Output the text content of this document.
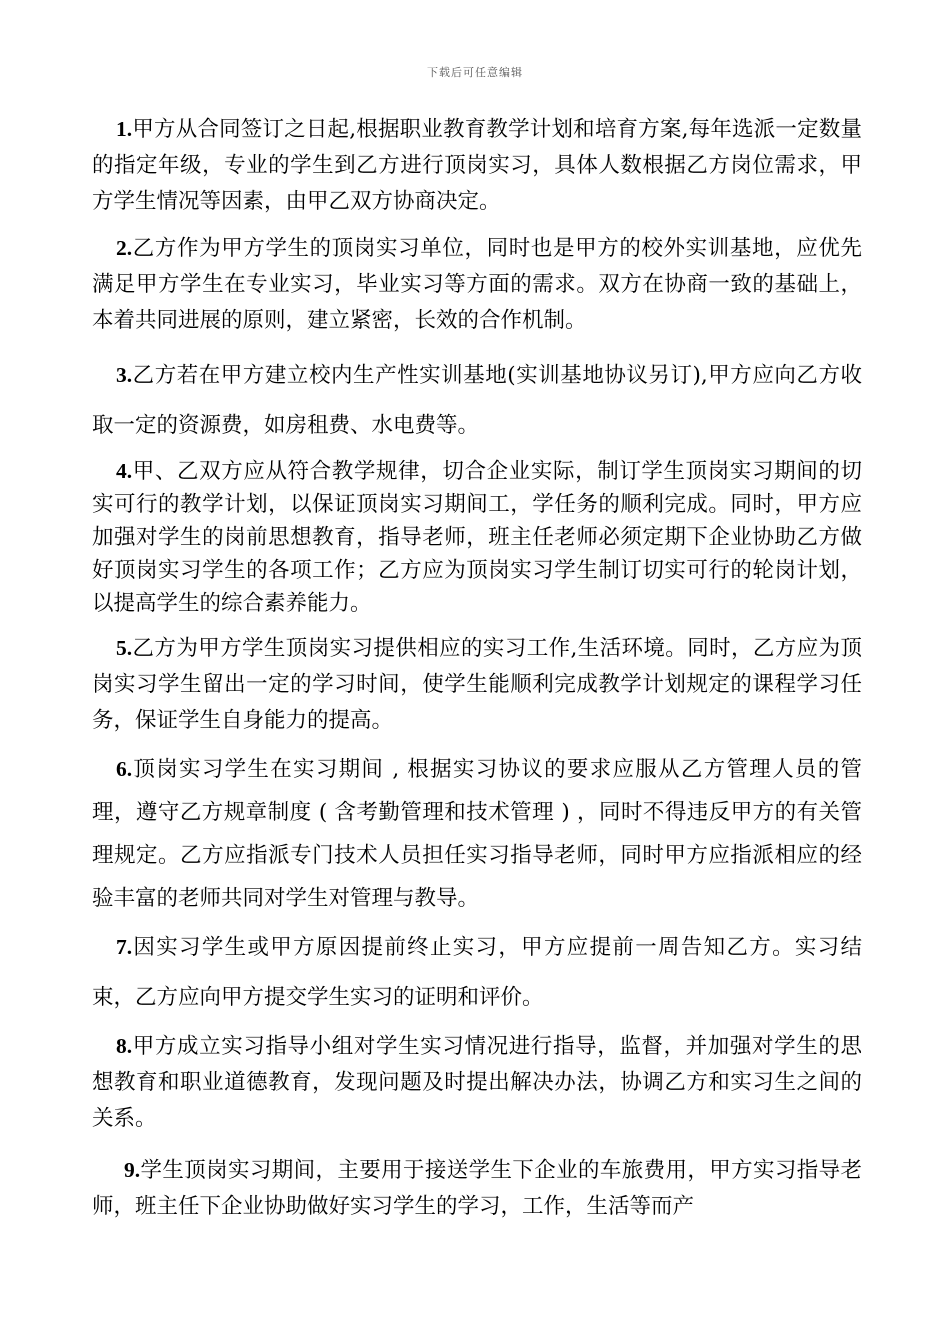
下载后可任意编辑

1.甲方从合同签订之日起,根据职业教育教学计划和培育方案,每年选派一定数量的指定年级，专业的学生到乙方进行顶岗实习，具体人数根据乙方岗位需求，甲方学生情况等因素，由甲乙双方协商决定。

2.乙方作为甲方学生的顶岗实习单位，同时也是甲方的校外实训基地，应优先满足甲方学生在专业实习，毕业实习等方面的需求。双方在协商一致的基础上，本着共同进展的原则，建立紧密，长效的合作机制。

3.乙方若在甲方建立校内生产性实训基地(实训基地协议另订),甲方应向乙方收取一定的资源费，如房租费、水电费等。

4.甲、乙双方应从符合教学规律，切合企业实际，制订学生顶岗实习期间的切实可行的教学计划，以保证顶岗实习期间工，学任务的顺利完成。同时，甲方应加强对学生的岗前思想教育，指导老师，班主任老师必须定期下企业协助乙方做好顶岗实习学生的各项工作；乙方应为顶岗实习学生制订切实可行的轮岗计划，以提高学生的综合素养能力。

5.乙方为甲方学生顶岗实习提供相应的实习工作,生活环境。同时，乙方应为顶岗实习学生留出一定的学习时间，使学生能顺利完成教学计划规定的课程学习任务，保证学生自身能力的提高。

6.顶岗实习学生在实习期间 , 根据实习协议的要求应服从乙方管理人员的管理，遵守乙方规章制度 ( 含考勤管理和技术管理 ) ，同时不得违反甲方的有关管理规定。乙方应指派专门技术人员担任实习指导老师，同时甲方应指派相应的经验丰富的老师共同对学生对管理与教导。

7.因实习学生或甲方原因提前终止实习，甲方应提前一周告知乙方。实习结束，乙方应向甲方提交学生实习的证明和评价。

8.甲方成立实习指导小组对学生实习情况进行指导，监督，并加强对学生的思想教育和职业道德教育，发现问题及时提出解决办法，协调乙方和实习生之间的关系。

9.学生顶岗实习期间，主要用于接送学生下企业的车旅费用，甲方实习指导老师，班主任下企业协助做好实习学生的学习，工作，生活等而产
